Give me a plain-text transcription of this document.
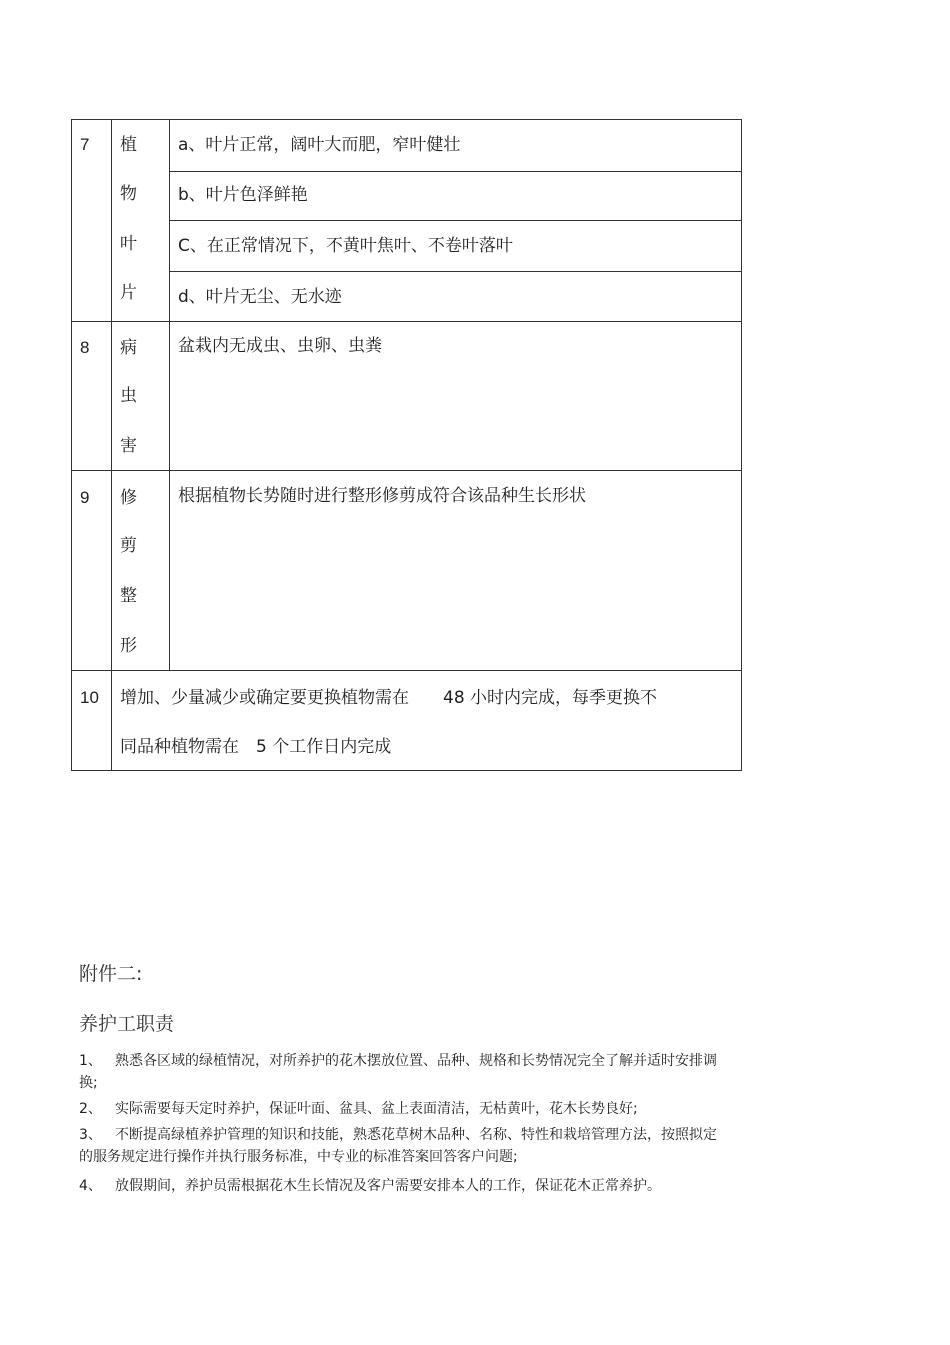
7 植
物
叶
片
a、叶片正常，阔叶大而肥，窄叶健壮
b、叶片色泽鲜艳
C、在正常情况下，不黄叶焦叶、不卷叶落叶
d、叶片无尘、无水迹
8 病
虫
害
盆栽内无成虫、虫卵、虫粪
9 修
剪
整
形
根据植物长势随时进行整形修剪成符合该品种生长形状
10 增加、少量减少或确定要更换植物需在　　48 小时内完成，每季更换不
同品种植物需在　5 个工作日内完成
附件二:
养护工职责
1、 熟悉各区域的绿植情况，对所养护的花木摆放位置、品种、规格和长势情况完全了解并适时安排调
换;
2、 实际需要每天定时养护，保证叶面、盆具、盆上表面清洁，无枯黄叶，花木长势良好;
3、 不断提高绿植养护管理的知识和技能，熟悉花草树木品种、名称、特性和栽培管理方法，按照拟定
的服务规定进行操作并执行服务标准，中专业的标准答案回答客户问题;
4、 放假期间，养护员需根据花木生长情况及客户需要安排本人的工作，保证花木正常养护。
